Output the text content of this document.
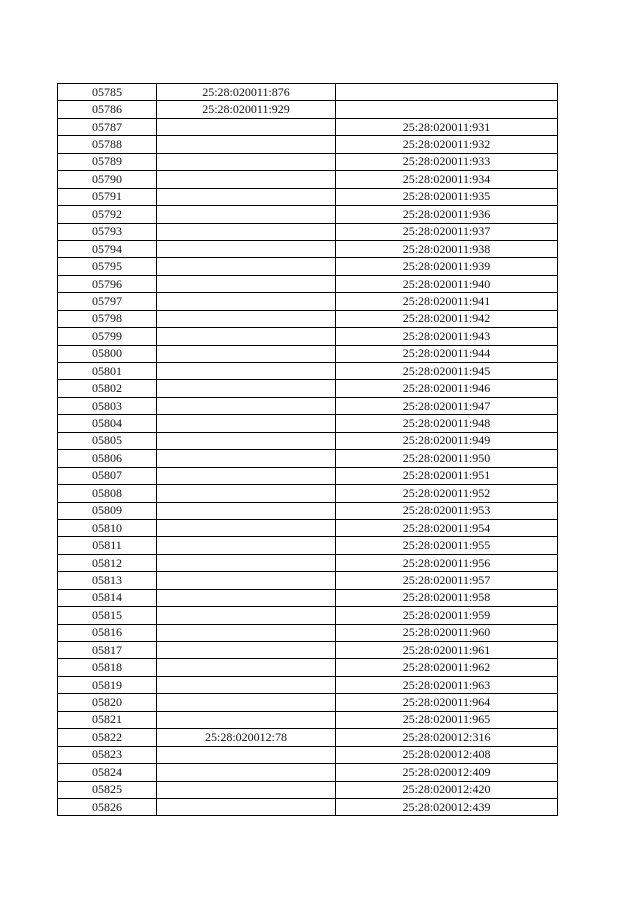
05785	25:28:020011:876	
05786	25:28:020011:929	
05787		25:28:020011:931
05788		25:28:020011:932
05789		25:28:020011:933
05790		25:28:020011:934
05791		25:28:020011:935
05792		25:28:020011:936
05793		25:28:020011:937
05794		25:28:020011:938
05795		25:28:020011:939
05796		25:28:020011:940
05797		25:28:020011:941
05798		25:28:020011:942
05799		25:28:020011:943
05800		25:28:020011:944
05801		25:28:020011:945
05802		25:28:020011:946
05803		25:28:020011:947
05804		25:28:020011:948
05805		25:28:020011:949
05806		25:28:020011:950
05807		25:28:020011:951
05808		25:28:020011:952
05809		25:28:020011:953
05810		25:28:020011:954
05811		25:28:020011:955
05812		25:28:020011:956
05813		25:28:020011:957
05814		25:28:020011:958
05815		25:28:020011:959
05816		25:28:020011:960
05817		25:28:020011:961
05818		25:28:020011:962
05819		25:28:020011:963
05820		25:28:020011:964
05821		25:28:020011:965
05822	25:28:020012:78	25:28:020012:316
05823		25:28:020012:408
05824		25:28:020012:409
05825		25:28:020012:420
05826		25:28:020012:439
